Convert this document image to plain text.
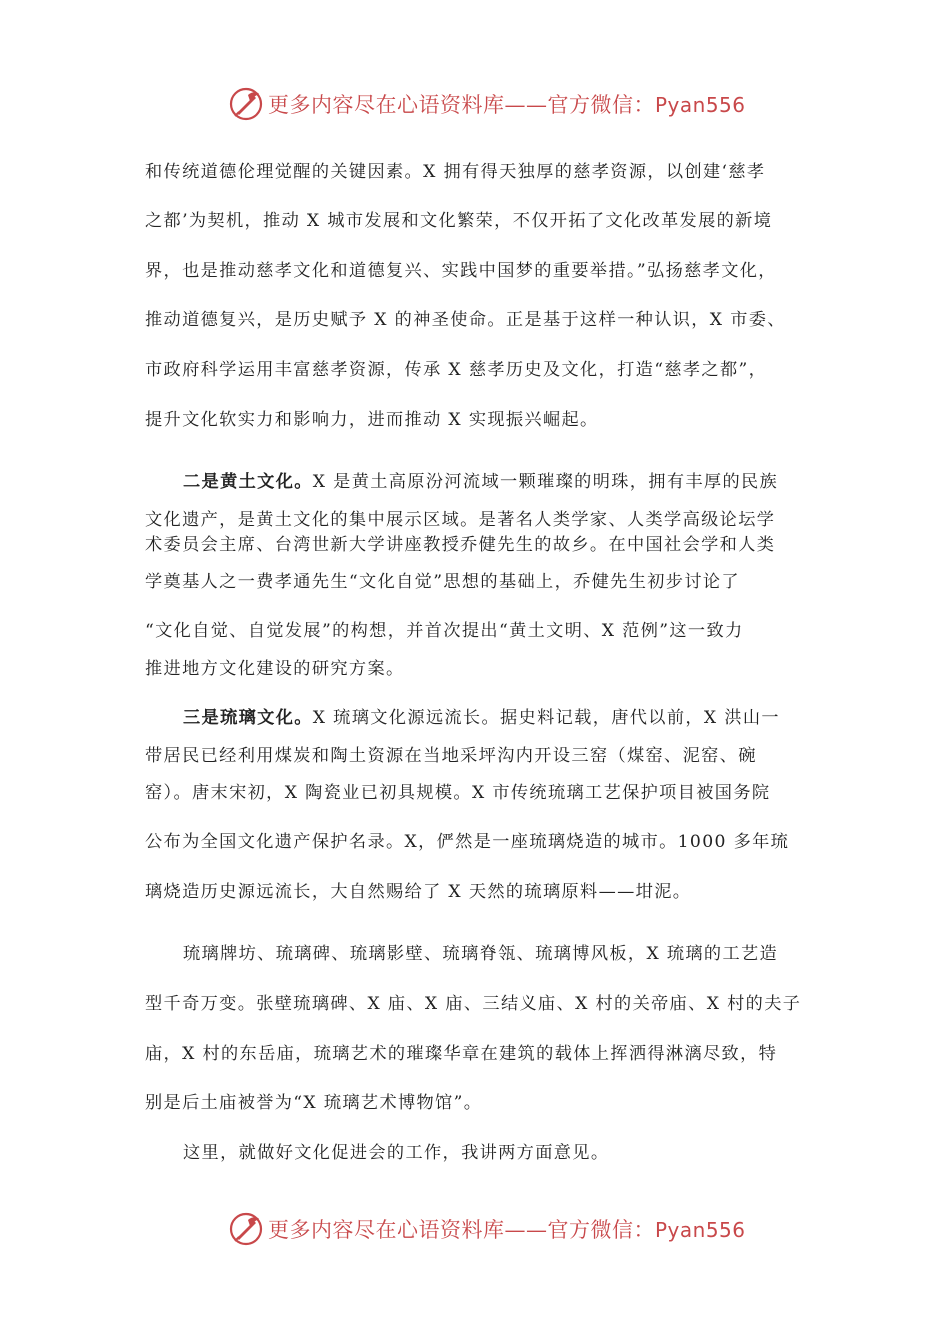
更多内容尽在心语资料库——官方微信：Pyan556
和传统道德伦理觉醒的关键因素。X 拥有得天独厚的慈孝资源，以创建‘慈孝
之都’为契机，推动 X 城市发展和文化繁荣，不仅开拓了文化改革发展的新境
界，也是推动慈孝文化和道德复兴、实践中国梦的重要举措。”弘扬慈孝文化，
推动道德复兴，是历史赋予 X 的神圣使命。正是基于这样一种认识，X 市委、
市政府科学运用丰富慈孝资源，传承 X 慈孝历史及文化，打造“慈孝之都”，
提升文化软实力和影响力，进而推动 X 实现振兴崛起。
二是黄土文化。X 是黄土高原汾河流域一颗璀璨的明珠，拥有丰厚的民族
文化遗产，是黄土文化的集中展示区域。是著名人类学家、人类学高级论坛学
术委员会主席、台湾世新大学讲座教授乔健先生的故乡。在中国社会学和人类
学奠基人之一费孝通先生“文化自觉”思想的基础上，乔健先生初步讨论了
“文化自觉、自觉发展”的构想，并首次提出“黄土文明、X 范例”这一致力
推进地方文化建设的研究方案。
三是琉璃文化。X 琉璃文化源远流长。据史料记载，唐代以前，X 洪山一
带居民已经利用煤炭和陶土资源在当地采坪沟内开设三窑（煤窑、泥窑、碗
窑）。唐末宋初，X 陶瓷业已初具规模。X 市传统琉璃工艺保护项目被国务院
公布为全国文化遗产保护名录。X，俨然是一座琉璃烧造的城市。1000 多年琉
璃烧造历史源远流长，大自然赐给了 X 天然的琉璃原料——坩泥。
琉璃牌坊、琉璃碑、琉璃影壁、琉璃脊瓴、琉璃博风板，X 琉璃的工艺造
型千奇万变。张壁琉璃碑、X 庙、X 庙、三结义庙、X 村的关帝庙、X 村的夫子
庙，X 村的东岳庙，琉璃艺术的璀璨华章在建筑的载体上挥洒得淋漓尽致，特
别是后土庙被誉为“X 琉璃艺术博物馆”。
这里，就做好文化促进会的工作，我讲两方面意见。
更多内容尽在心语资料库——官方微信：Pyan556
